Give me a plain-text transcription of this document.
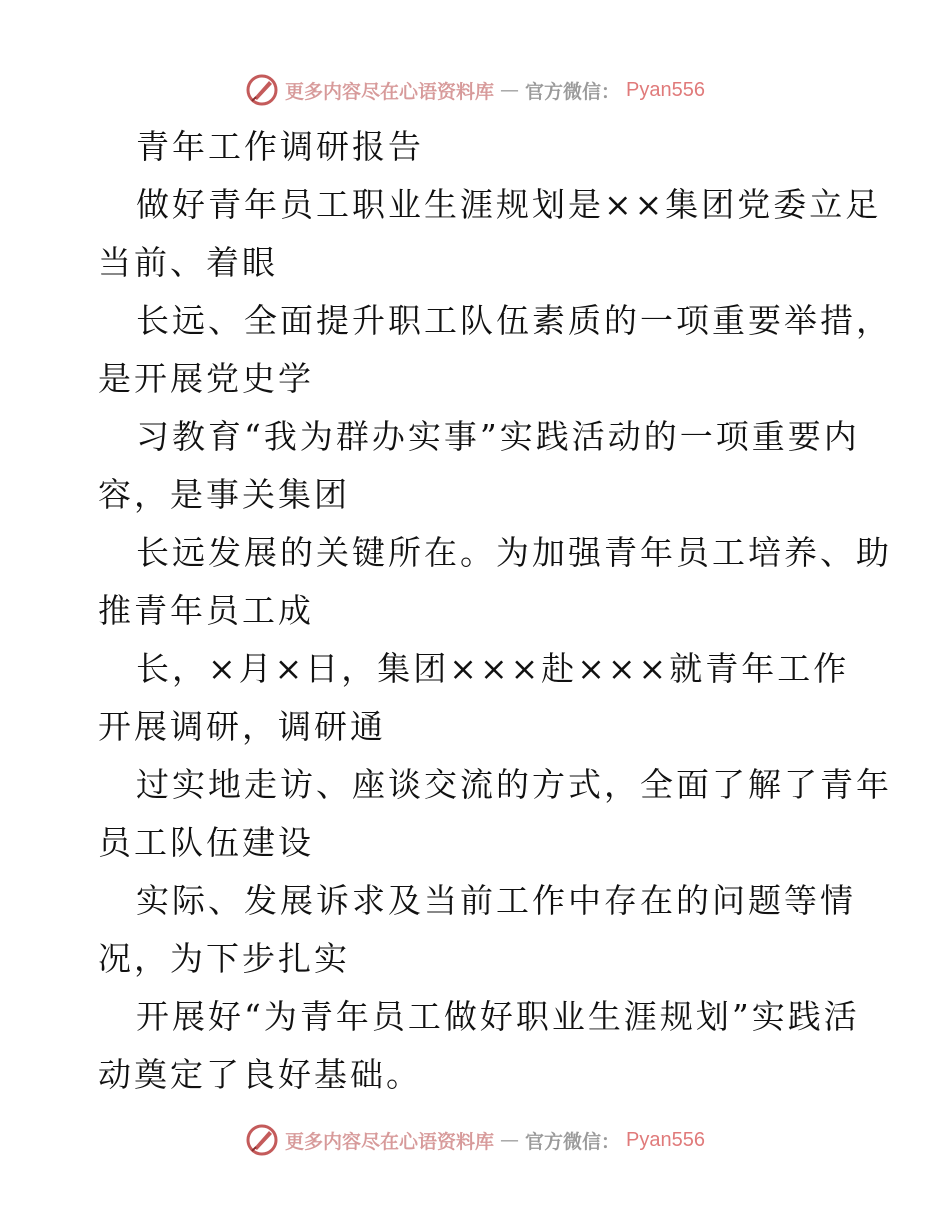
更多内容尽在心语资料库 — 官方微信： Pyan556
青年工作调研报告
做好青年员工职业生涯规划是××集团党委立足
当前、着眼
长远、全面提升职工队伍素质的一项重要举措，
是开展党史学
习教育“我为群办实事”实践活动的一项重要内
容，是事关集团
长远发展的关键所在。为加强青年员工培养、助
推青年员工成
长，×月×日，集团×××赴×××就青年工作
开展调研，调研通
过实地走访、座谈交流的方式，全面了解了青年
员工队伍建设
实际、发展诉求及当前工作中存在的问题等情
况，为下步扎实
开展好“为青年员工做好职业生涯规划”实践活
动奠定了良好基础。
更多内容尽在心语资料库 — 官方微信： Pyan556
